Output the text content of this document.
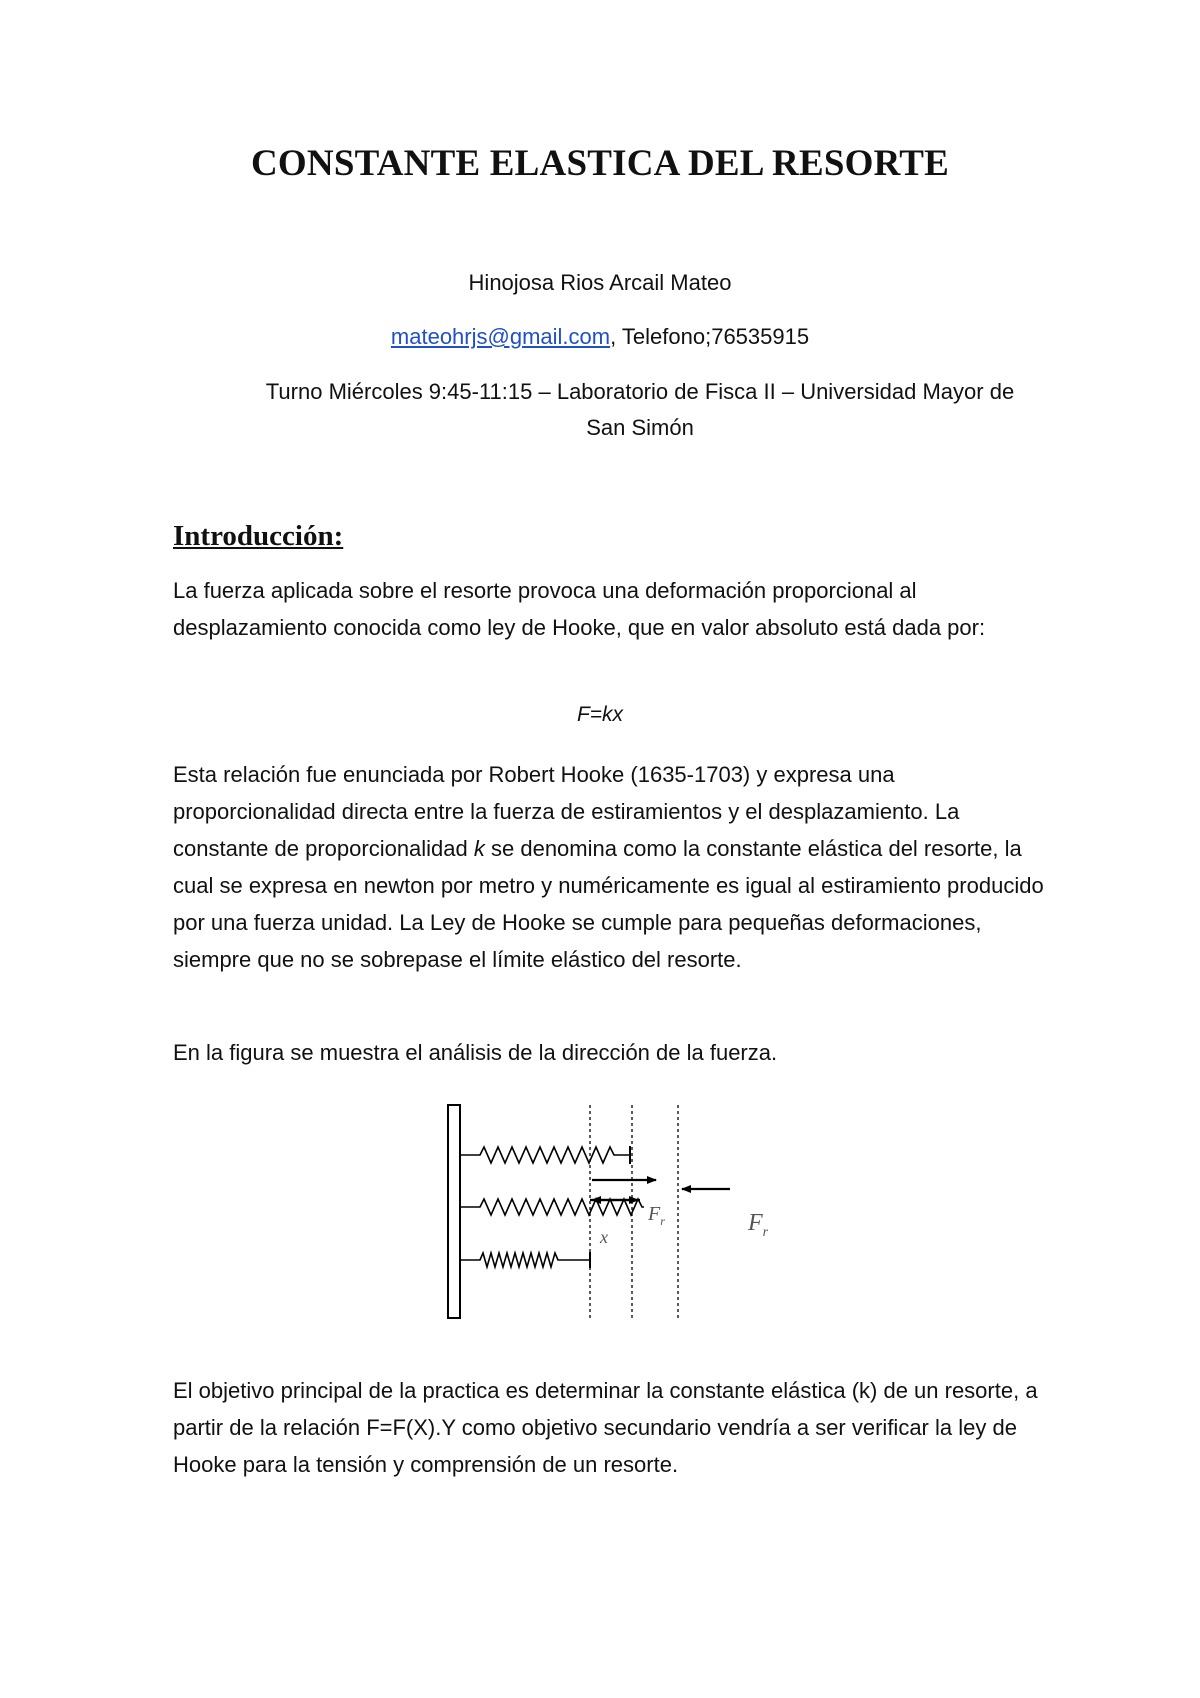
CONSTANTE ELASTICA DEL RESORTE
Hinojosa Rios Arcail Mateo
mateohrjs@gmail.com, Telefono;76535915
Turno Miércoles 9:45-11:15 – Laboratorio de Fisca II – Universidad Mayor de San Simón
Introducción:

La fuerza aplicada sobre el resorte provoca una deformación proporcional al desplazamiento conocida como ley de Hooke, que en valor absoluto está dada por:

F=kx

Esta relación fue enunciada por Robert Hooke (1635-1703) y expresa una proporcionalidad directa entre la fuerza de estiramientos y el desplazamiento. La constante de proporcionalidad k se denomina como la constante elástica del resorte, la cual se expresa en newton por metro y numéricamente es igual al estiramiento producido por una fuerza unidad. La Ley de Hooke se cumple para pequeñas deformaciones, siempre que no se sobrepase el límite elástico del resorte.

En la figura se muestra el análisis de la dirección de la fuerza.

x
$F_r$	$F_r$

El objetivo principal de la practica es determinar la constante elástica (k) de un resorte, a partir de la relación F=F(X).Y como objetivo secundario vendría a ser verificar la ley de Hooke para la tensión y comprensión de un resorte.
